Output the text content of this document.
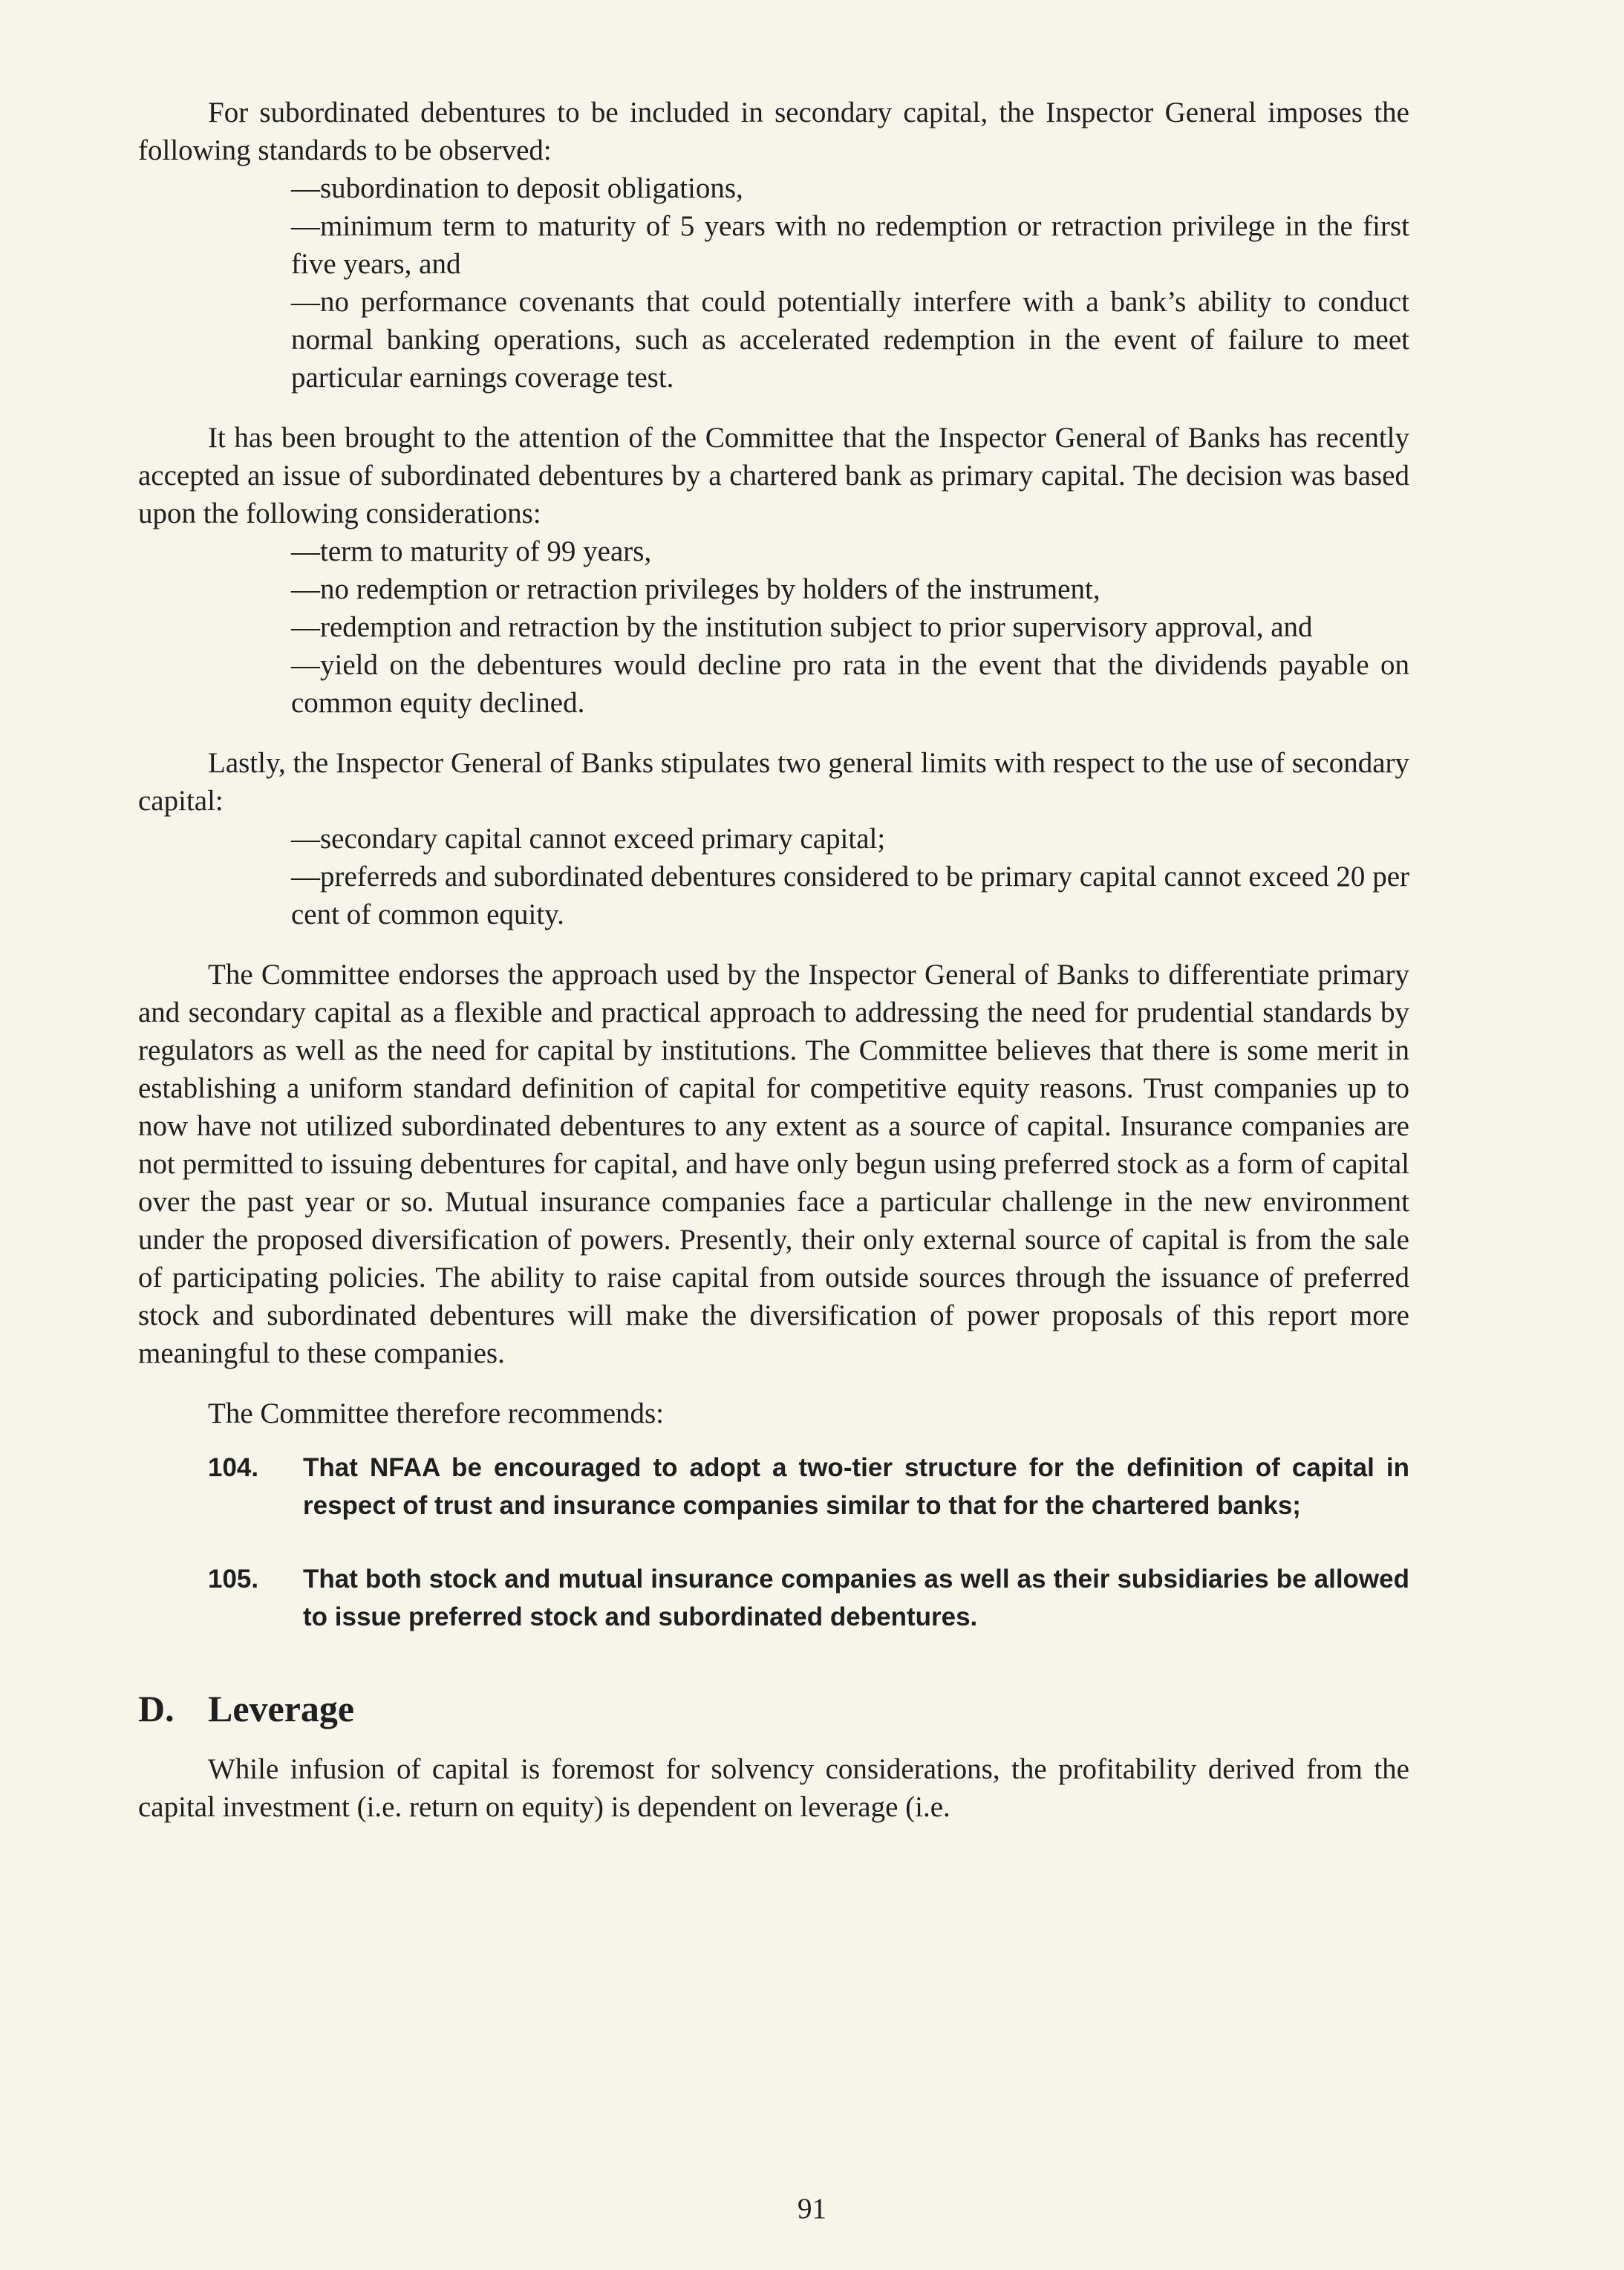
For subordinated debentures to be included in secondary capital, the Inspector General imposes the following standards to be observed:

—subordination to deposit obligations,
—minimum term to maturity of 5 years with no redemption or retraction privilege in the first five years, and
—no performance covenants that could potentially interfere with a bank’s ability to conduct normal banking operations, such as accelerated redemption in the event of failure to meet particular earnings coverage test.

It has been brought to the attention of the Committee that the Inspector General of Banks has recently accepted an issue of subordinated debentures by a chartered bank as primary capital. The decision was based upon the following considerations:

—term to maturity of 99 years,
—no redemption or retraction privileges by holders of the instrument,
—redemption and retraction by the institution subject to prior supervisory approval, and
—yield on the debentures would decline pro rata in the event that the dividends payable on common equity declined.

Lastly, the Inspector General of Banks stipulates two general limits with respect to the use of secondary capital:

—secondary capital cannot exceed primary capital;
—preferreds and subordinated debentures considered to be primary capital cannot exceed 20 per cent of common equity.

The Committee endorses the approach used by the Inspector General of Banks to differentiate primary and secondary capital as a flexible and practical approach to addressing the need for prudential standards by regulators as well as the need for capital by institutions. The Committee believes that there is some merit in establishing a uniform standard definition of capital for competitive equity reasons. Trust companies up to now have not utilized subordinated debentures to any extent as a source of capital. Insurance companies are not permitted to issuing debentures for capital, and have only begun using preferred stock as a form of capital over the past year or so. Mutual insurance companies face a particular challenge in the new environment under the proposed diversification of powers. Presently, their only external source of capital is from the sale of participating policies. The ability to raise capital from outside sources through the issuance of preferred stock and subordinated debentures will make the diversification of power proposals of this report more meaningful to these companies.

The Committee therefore recommends:

104.	That NFAA be encouraged to adopt a two-tier structure for the definition of capital in respect of trust and insurance companies similar to that for the chartered banks;
105.	That both stock and mutual insurance companies as well as their subsidiaries be allowed to issue preferred stock and subordinated debentures.
D. Leverage

While infusion of capital is foremost for solvency considerations, the profitability derived from the capital investment (i.e. return on equity) is dependent on leverage (i.e.

91
